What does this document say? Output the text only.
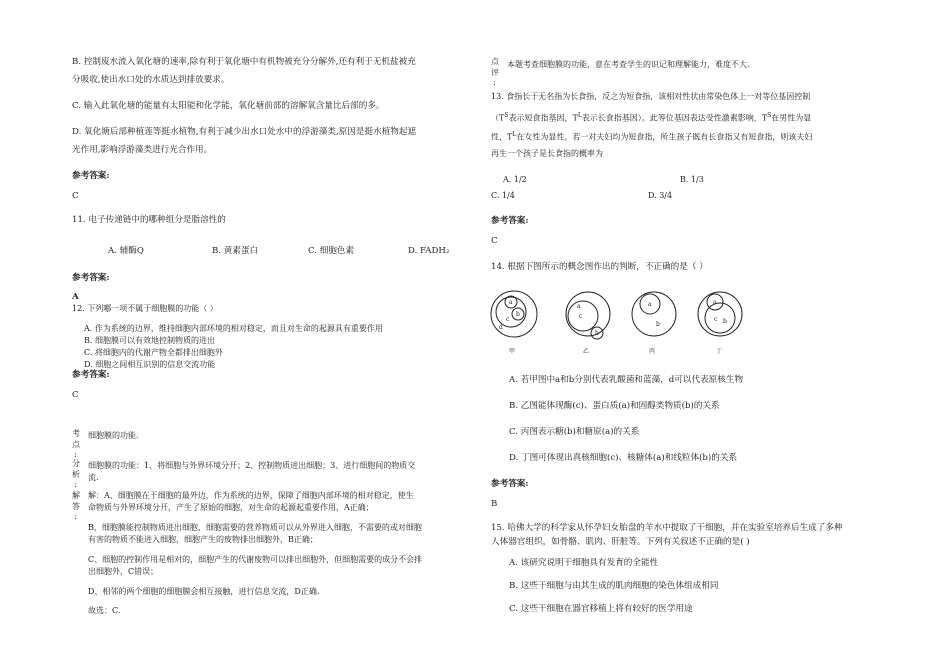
B. 控制废水流入氧化塘的速率,除有利于氧化塘中有机物被充分分解外,还有利于无机盐被充
分吸收,使出水口处的水质达到排放要求。
C. 输入此氧化塘的能量有太阳能和化学能，氧化塘前部的溶解氧含量比后部的多。
D. 氧化塘后部种植莲等挺水植物,有利于减少出水口处水中的浮游藻类,原因是挺水植物起遮
光作用,影响浮游藻类进行光合作用。
参考答案:
C
11. 电子传递链中的哪种组分是脂溶性的
A. 辅酶Q	B. 黄素蛋白	C. 细胞色素	D. FADH₂
参考答案:
A
12. 下列哪一项不属于细胞膜的功能（ ）
A. 作为系统的边界，维持细胞内部环境的相对稳定，而且对生命的起源具有重要作用
B. 细胞膜可以有效地控制物质的进出
C. 将细胞内的代谢产物全都排出细胞外
D. 细胞之间相互识别的信息交流功能
参考答案:
C
考
点
:
细胞膜的功能.
分
析
:
细胞膜的功能：1、将细胞与外界环境分开；2、控制物质进出细胞；3、进行细胞间的物质交
流.
解
答
:
解：A、细胞膜在于细胞的最外边，作为系统的边界，保障了细胞内部环境的相对稳定，使生
命物质与外界环境分开，产生了原始的细胞，对生命的起源起重要作用，A正确；
B、细胞膜能控制物质进出细胞，细胞需要的营养物质可以从外界进入细胞，不需要的或对细胞
有害的物质不能进入细胞，细胞产生的废物排出细胞外，B正确；
C、细胞的控制作用是相对的，细胞产生的代谢废物可以排出细胞外，但细胞需要的成分不会排
出细胞外，C错误；
D、相邻的两个细胞的细胞膜会相互接触，进行信息交流，D正确.
故选：C.
点
评
:
本题考查细胞膜的功能，意在考查学生的识记和理解能力，难度不大.
13. 食指长于无名指为长食指，反之为短食指，该相对性状由常染色体上一对等位基因控制
（$T^S$表示短食指基因，$T^L$表示长食指基因）。此等位基因表达受性激素影响，$T^S$在男性为显
性，$T^L$在女性为显性。若一对夫妇均为短食指，所生孩子既有长食指又有短食指，则该夫妇
再生一个孩子是长食指的概率为
A. 1/2	B. 1/3
C. 1/4	D. 3/4
参考答案:
C
14. 根据下图所示的概念图作出的判断，不正确的是（ ）
a
b
c
d
甲
a
c
b
乙
a
b
丙
a
b
c
丁
A. 若甲图中a和b分别代表乳酸菌和蓝藻，d可以代表原核生物
B. 乙图能体现酶(c)、蛋白质(a)和固醇类物质(b)的关系
C. 丙图表示糖(b)和糖原(a)的关系
D. 丁图可体现出真核细胞(c)、核糖体(a)和线粒体(b)的关系
参考答案:
B
15. 哈佛大学的科学家从怀孕妇女胎盘的羊水中提取了干细胞，并在实验室培养后生成了多种
人体器官组织，如骨骼、肌肉、肝脏等。下列有关叙述不正确的是( )
A. 该研究说明干细胞具有发育的全能性
B. 这些干细胞与由其生成的肌肉细胞的染色体组成相同
C. 这些干细胞在器官移植上将有较好的医学用途
